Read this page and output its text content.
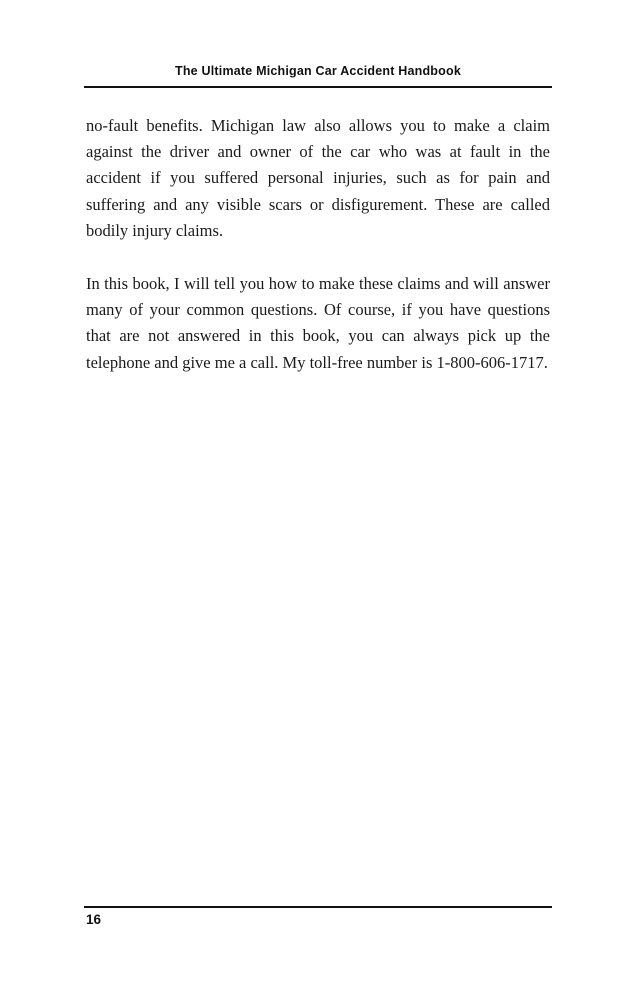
The Ultimate Michigan Car Accident Handbook

no-fault benefits. Michigan law also allows you to make a claim against the driver and owner of the car who was at fault in the accident if you suffered personal injuries, such as for pain and suffering and any visible scars or disfigurement. These are called bodily injury claims.

In this book, I will tell you how to make these claims and will answer many of your common questions. Of course, if you have questions that are not answered in this book, you can always pick up the telephone and give me a call. My toll-free number is 1-800-606-1717.

16
